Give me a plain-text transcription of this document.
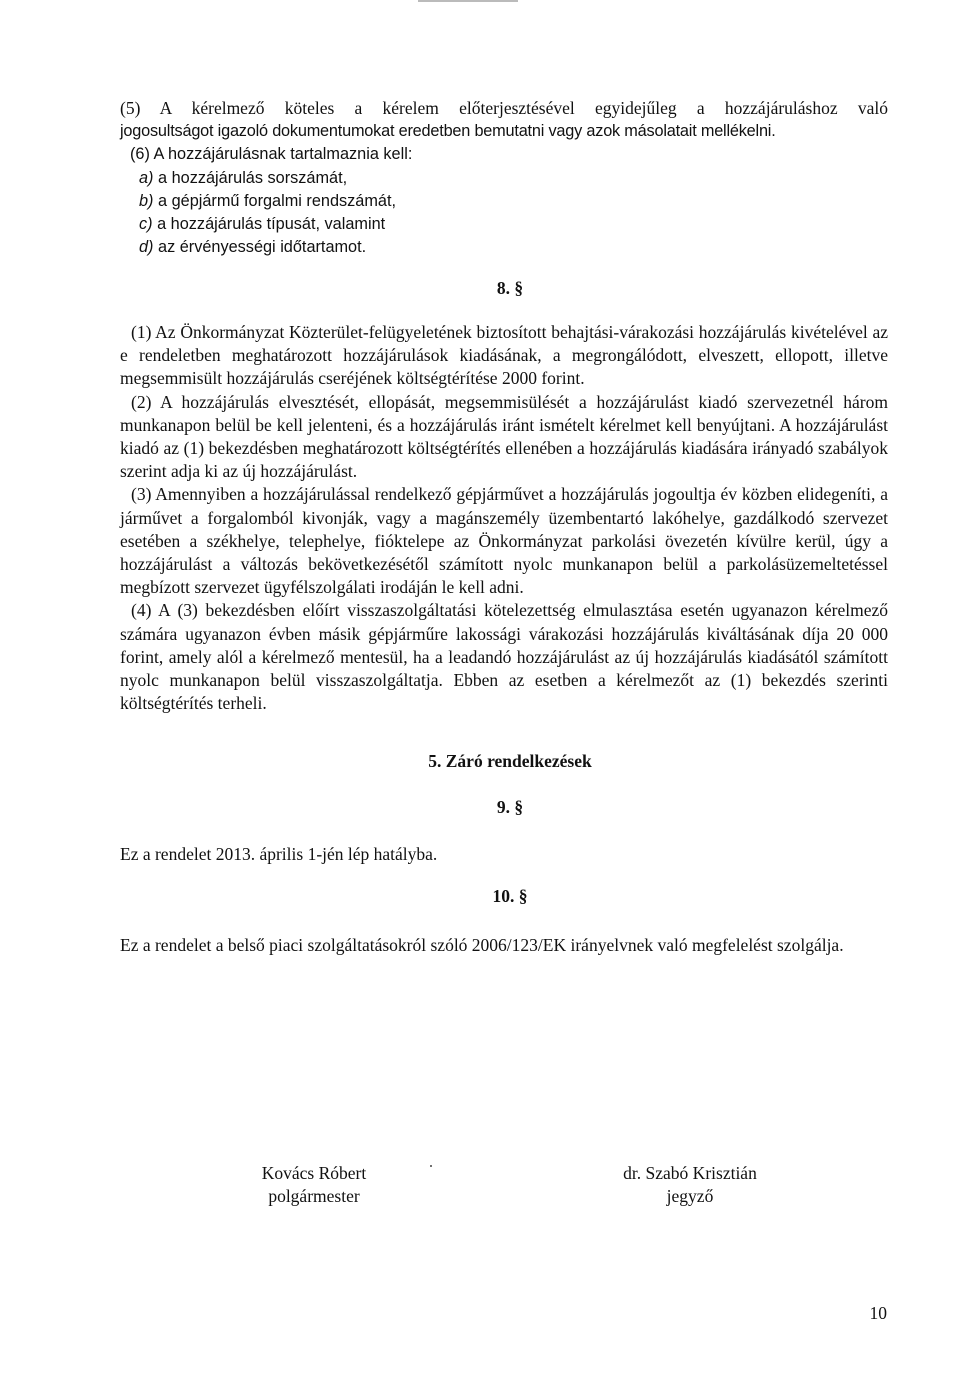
(5) A kérelmező köteles a kérelem előterjesztésével egyidejűleg a hozzájáruláshoz való
jogosultságot igazoló dokumentumokat eredetben bemutatni vagy azok másolatait mellékelni.
(6) A hozzájárulásnak tartalmaznia kell:
a) a hozzájárulás sorszámát,
b) a gépjármű forgalmi rendszámát,
c) a hozzájárulás típusát, valamint
d) az érvényességi időtartamot.
8. §
(1) Az Önkormányzat Közterület-felügyeletének biztosított behajtási-várakozási hozzájárulás kivételével az e rendeletben meghatározott hozzájárulások kiadásának, a megrongálódott, elveszett, ellopott, illetve megsemmisült hozzájárulás cseréjének költségtérítése 2000 forint.
(2) A hozzájárulás elvesztését, ellopását, megsemmisülését a hozzájárulást kiadó szervezetnél három munkanapon belül be kell jelenteni, és a hozzájárulás iránt ismételt kérelmet kell benyújtani. A hozzájárulást kiadó az (1) bekezdésben meghatározott költségtérítés ellenében a hozzájárulás kiadására irányadó szabályok szerint adja ki az új hozzájárulást.
(3) Amennyiben a hozzájárulással rendelkező gépjárművet a hozzájárulás jogoultja év közben elidegeníti, a járművet a forgalomból kivonják, vagy a magánszemély üzembentartó lakóhelye, gazdálkodó szervezet esetében a székhelye, telephelye, fióktelepe az Önkormányzat parkolási övezetén kívülre kerül, úgy a hozzájárulást a változás bekövetkezésétől számított nyolc munkanapon belül a parkolásüzemeltetéssel megbízott szervezet ügyfélszolgálati irodáján le kell adni.
(4) A (3) bekezdésben előírt visszaszolgáltatási kötelezettség elmulasztása esetén ugyanazon kérelmező számára ugyanazon évben másik gépjárműre lakossági várakozási hozzájárulás kiváltásának díja 20 000 forint, amely alól a kérelmező mentesül, ha a leadandó hozzájárulást az új hozzájárulás kiadásától számított nyolc munkanapon belül visszaszolgáltatja. Ebben az esetben a kérelmezőt az (1) bekezdés szerinti költségtérítés terheli.
5. Záró rendelkezések
9. §
Ez a rendelet 2013. április 1-jén lép hatályba.
10. §
Ez a rendelet a belső piaci szolgáltatásokról szóló 2006/123/EK irányelvnek való megfelelést szolgálja.
Kovács Róbert
polgármester
dr. Szabó Krisztián
jegyző
10
